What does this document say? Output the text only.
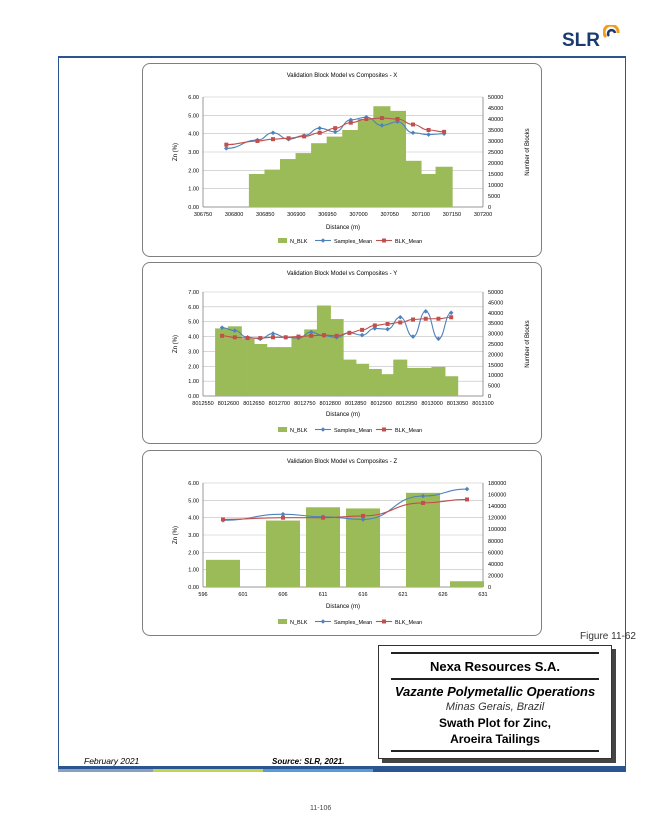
SLR
Validation Block Model vs Composites - X
0.00
1.00
2.00
3.00
4.00
5.00
6.00
0
5000
10000
15000
20000
25000
30000
35000
40000
45000
50000
306750 306800 306850 306900 306950 307000 307050 307100 307150 307200
Distance (m)
Zn (%)	Number of Blocks
N_BLK	Samples_Mean	BLK_Mean
Validation Block Model vs Composites - Y
0.00
1.00
2.00
3.00
4.00
5.00
6.00
7.00
0
5000
10000
15000
20000
25000
30000
35000
40000
45000
50000
8012550 8012600 8012650 8012700 8012750 8012800 8012850 8012900 8012950 8013000 8013050 8013100
Distance (m)
Zn (%)	Number of Blocks
N_BLK	Samples_Mean	BLK_Mean
Validation Block Model vs Composites - Z
0.00
1.00
2.00
3.00
4.00
5.00
6.00
0
20000
40000
60000
80000
100000
120000
140000
160000
180000
596	601	606	611	616	621	626	631
Distance (m)
Zn (%)
N_BLK	Samples_Mean	BLK_Mean
Figure 11-62
Nexa Resources S.A.
Vazante Polymetallic Operations
Minas Gerais, Brazil
Swath Plot for Zinc,
Aroeira Tailings
February 2021	Source: SLR, 2021.
11-106
